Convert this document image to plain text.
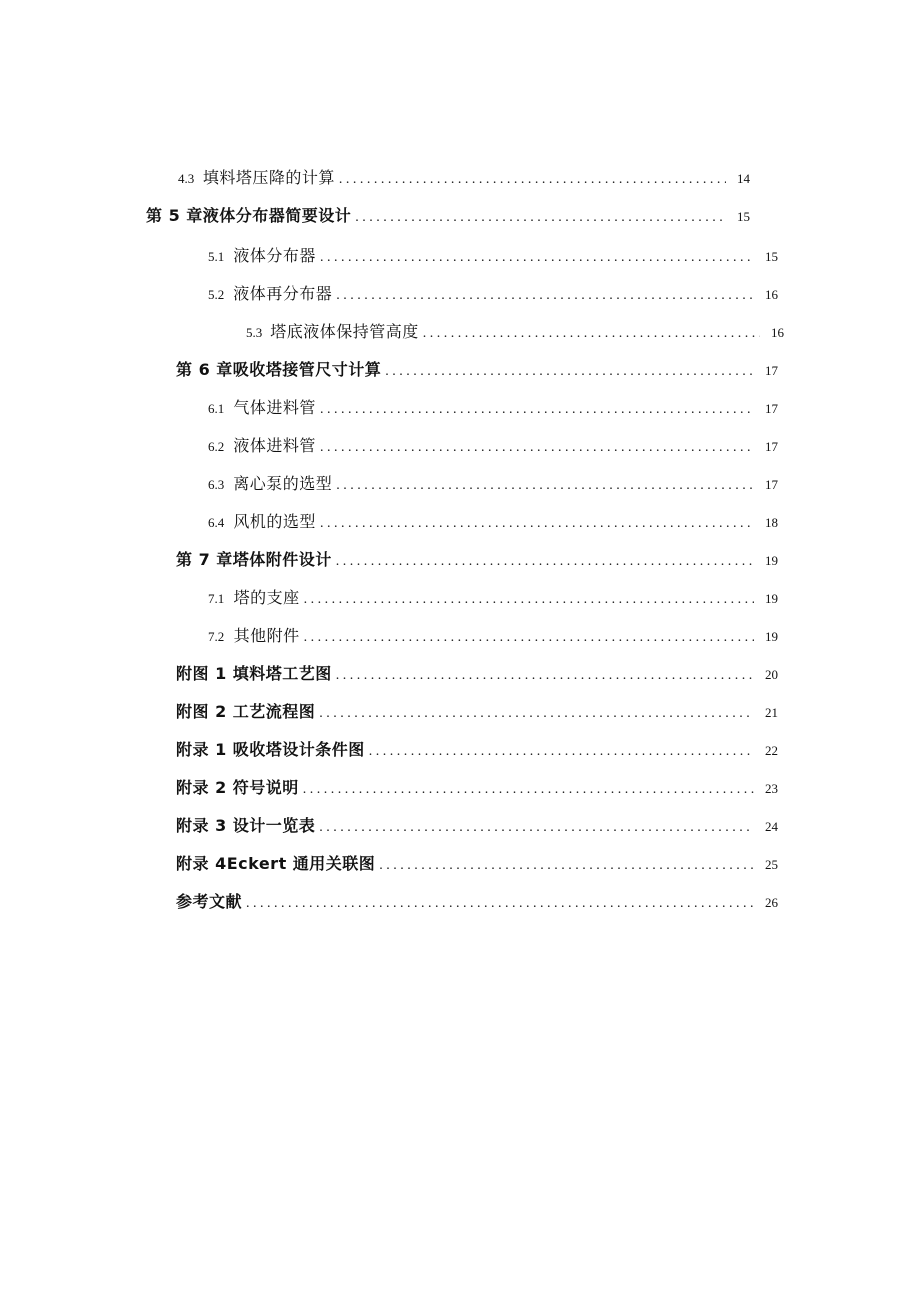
4.3 填料塔压降的计算 .....	14
第 5 章液体分布器简要设计 .....	15
5.1 液体分布器 .....	15
5.2 液体再分布器 .....	16
5.3 塔底液体保持管高度 .....	16
第 6 章吸收塔接管尺寸计算 .....	17
6.1 气体进料管 .....	17
6.2 液体进料管 .....	17
6.3 离心泵的选型 .....	17
6.4 风机的选型 .....	18
第 7 章塔体附件设计 .....	19
7.1 塔的支座 .....	19
7.2 其他附件 .....	19
附图 1 填料塔工艺图 .....	20
附图 2 工艺流程图 .....	21
附录 1 吸收塔设计条件图 .....	22
附录 2 符号说明 .....	23
附录 3 设计一览表 .....	24
附录 4Eckert 通用关联图 .....	25
参考文献 .....	26
